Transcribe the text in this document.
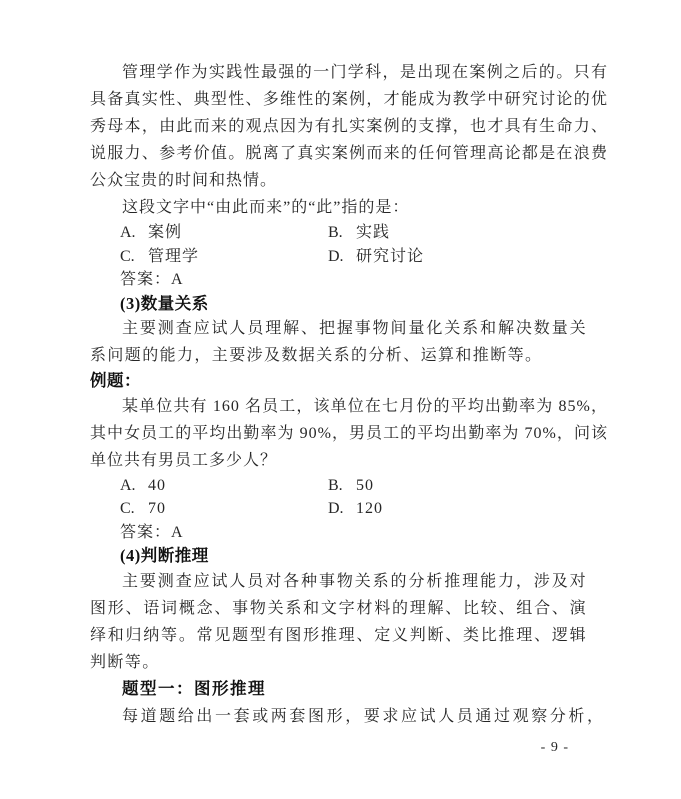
管理学作为实践性最强的一门学科，是出现在案例之后的。只有具备真实性、典型性、多维性的案例，才能成为教学中研究讨论的优秀母本，由此而来的观点因为有扎实案例的支撑，也才具有生命力、说服力、参考价值。脱离了真实案例而来的任何管理高论都是在浪费公众宝贵的时间和热情。
这段文字中“由此而来”的“此”指的是：
A. 案例	B. 实践
C. 管理学	D. 研究讨论
答案：A
(3)数量关系
主要测查应试人员理解、把握事物间量化关系和解决数量关系问题的能力，主要涉及数据关系的分析、运算和推断等。
例题：
某单位共有 160 名员工，该单位在七月份的平均出勤率为 85%，其中女员工的平均出勤率为 90%，男员工的平均出勤率为 70%，问该单位共有男员工多少人？
A. 40	B. 50
C. 70	D. 120
答案：A
(4)判断推理
主要测查应试人员对各种事物关系的分析推理能力，涉及对图形、语词概念、事物关系和文字材料的理解、比较、组合、演绎和归纳等。常见题型有图形推理、定义判断、类比推理、逻辑判断等。
题型一：图形推理
每道题给出一套或两套图形，要求应试人员通过观察分析，
- 9 -
